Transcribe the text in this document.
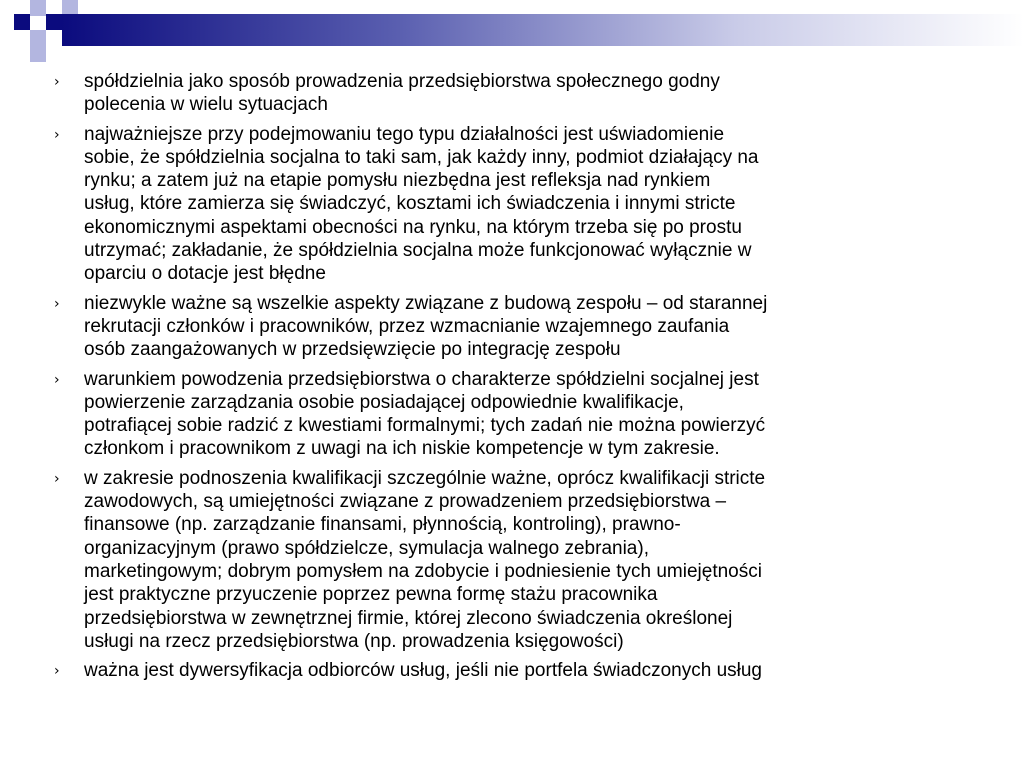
› spółdzielnia jako sposób prowadzenia przedsiębiorstwa społecznego godny
polecenia w wielu sytuacjach
› najważniejsze przy podejmowaniu tego typu działalności jest uświadomienie
sobie, że spółdzielnia socjalna to taki sam, jak każdy inny, podmiot działający na
rynku; a zatem już na etapie pomysłu niezbędna jest refleksja nad rynkiem
usług, które zamierza się świadczyć, kosztami ich świadczenia i innymi stricte
ekonomicznymi aspektami obecności na rynku, na którym trzeba się po prostu
utrzymać; zakładanie, że spółdzielnia socjalna może funkcjonować wyłącznie w
oparciu o dotacje jest błędne
› niezwykle ważne są wszelkie aspekty związane z budową zespołu – od starannej
rekrutacji członków i pracowników, przez wzmacnianie wzajemnego zaufania
osób zaangażowanych w przedsięwzięcie po integrację zespołu
› warunkiem powodzenia przedsiębiorstwa o charakterze spółdzielni socjalnej jest
powierzenie zarządzania osobie posiadającej odpowiednie kwalifikacje,
potrafiącej sobie radzić z kwestiami formalnymi; tych zadań nie można powierzyć
członkom i pracownikom z uwagi na ich niskie kompetencje w tym zakresie.
› w zakresie podnoszenia kwalifikacji szczególnie ważne, oprócz kwalifikacji stricte
zawodowych, są umiejętności związane z prowadzeniem przedsiębiorstwa –
finansowe (np. zarządzanie finansami, płynnością, kontroling), prawno-
organizacyjnym (prawo spółdzielcze, symulacja walnego zebrania),
marketingowym; dobrym pomysłem na zdobycie i podniesienie tych umiejętności
jest praktyczne przyuczenie poprzez pewna formę stażu pracownika
przedsiębiorstwa w zewnętrznej firmie, której zlecono świadczenia określonej
usługi na rzecz przedsiębiorstwa (np. prowadzenia księgowości)
› ważna jest dywersyfikacja odbiorców usług, jeśli nie portfela świadczonych usług
